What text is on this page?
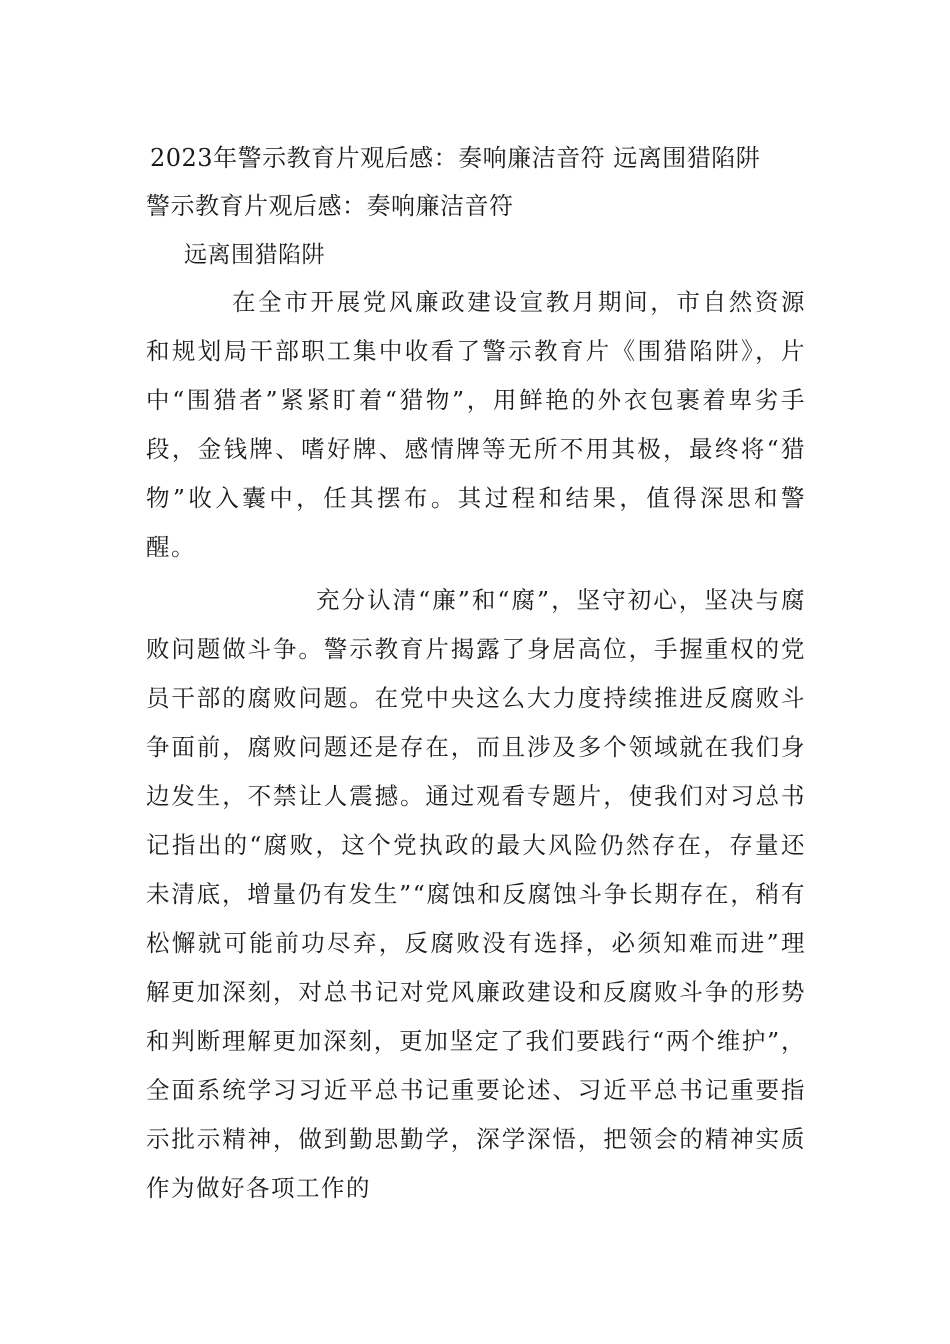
2023年警示教育片观后感：奏响廉洁音符 远离围猎陷阱
警示教育片观后感：奏响廉洁音符
远离围猎陷阱

在全市开展党风廉政建设宣教月期间，市自然资源和规划局干部职工集中收看了警示教育片《围猎陷阱》，片中“围猎者”紧紧盯着“猎物”，用鲜艳的外衣包裹着卑劣手段，金钱牌、嗜好牌、感情牌等无所不用其极，最终将“猎物”收入囊中，任其摆布。其过程和结果，值得深思和警醒。

充分认清“廉”和“腐”，坚守初心，坚决与腐败问题做斗争。警示教育片揭露了身居高位，手握重权的党员干部的腐败问题。在党中央这么大力度持续推进反腐败斗争面前，腐败问题还是存在，而且涉及多个领域就在我们身边发生，不禁让人震撼。通过观看专题片，使我们对习总书记指出的“腐败，这个党执政的最大风险仍然存在，存量还未清底，增量仍有发生”“腐蚀和反腐蚀斗争长期存在，稍有松懈就可能前功尽弃，反腐败没有选择，必须知难而进”理解更加深刻，对总书记对党风廉政建设和反腐败斗争的形势和判断理解更加深刻，更加坚定了我们要践行“两个维护”，全面系统学习习近平总书记重要论述、习近平总书记重要指示批示精神，做到勤思勤学，深学深悟，把领会的精神实质作为做好各项工作的
